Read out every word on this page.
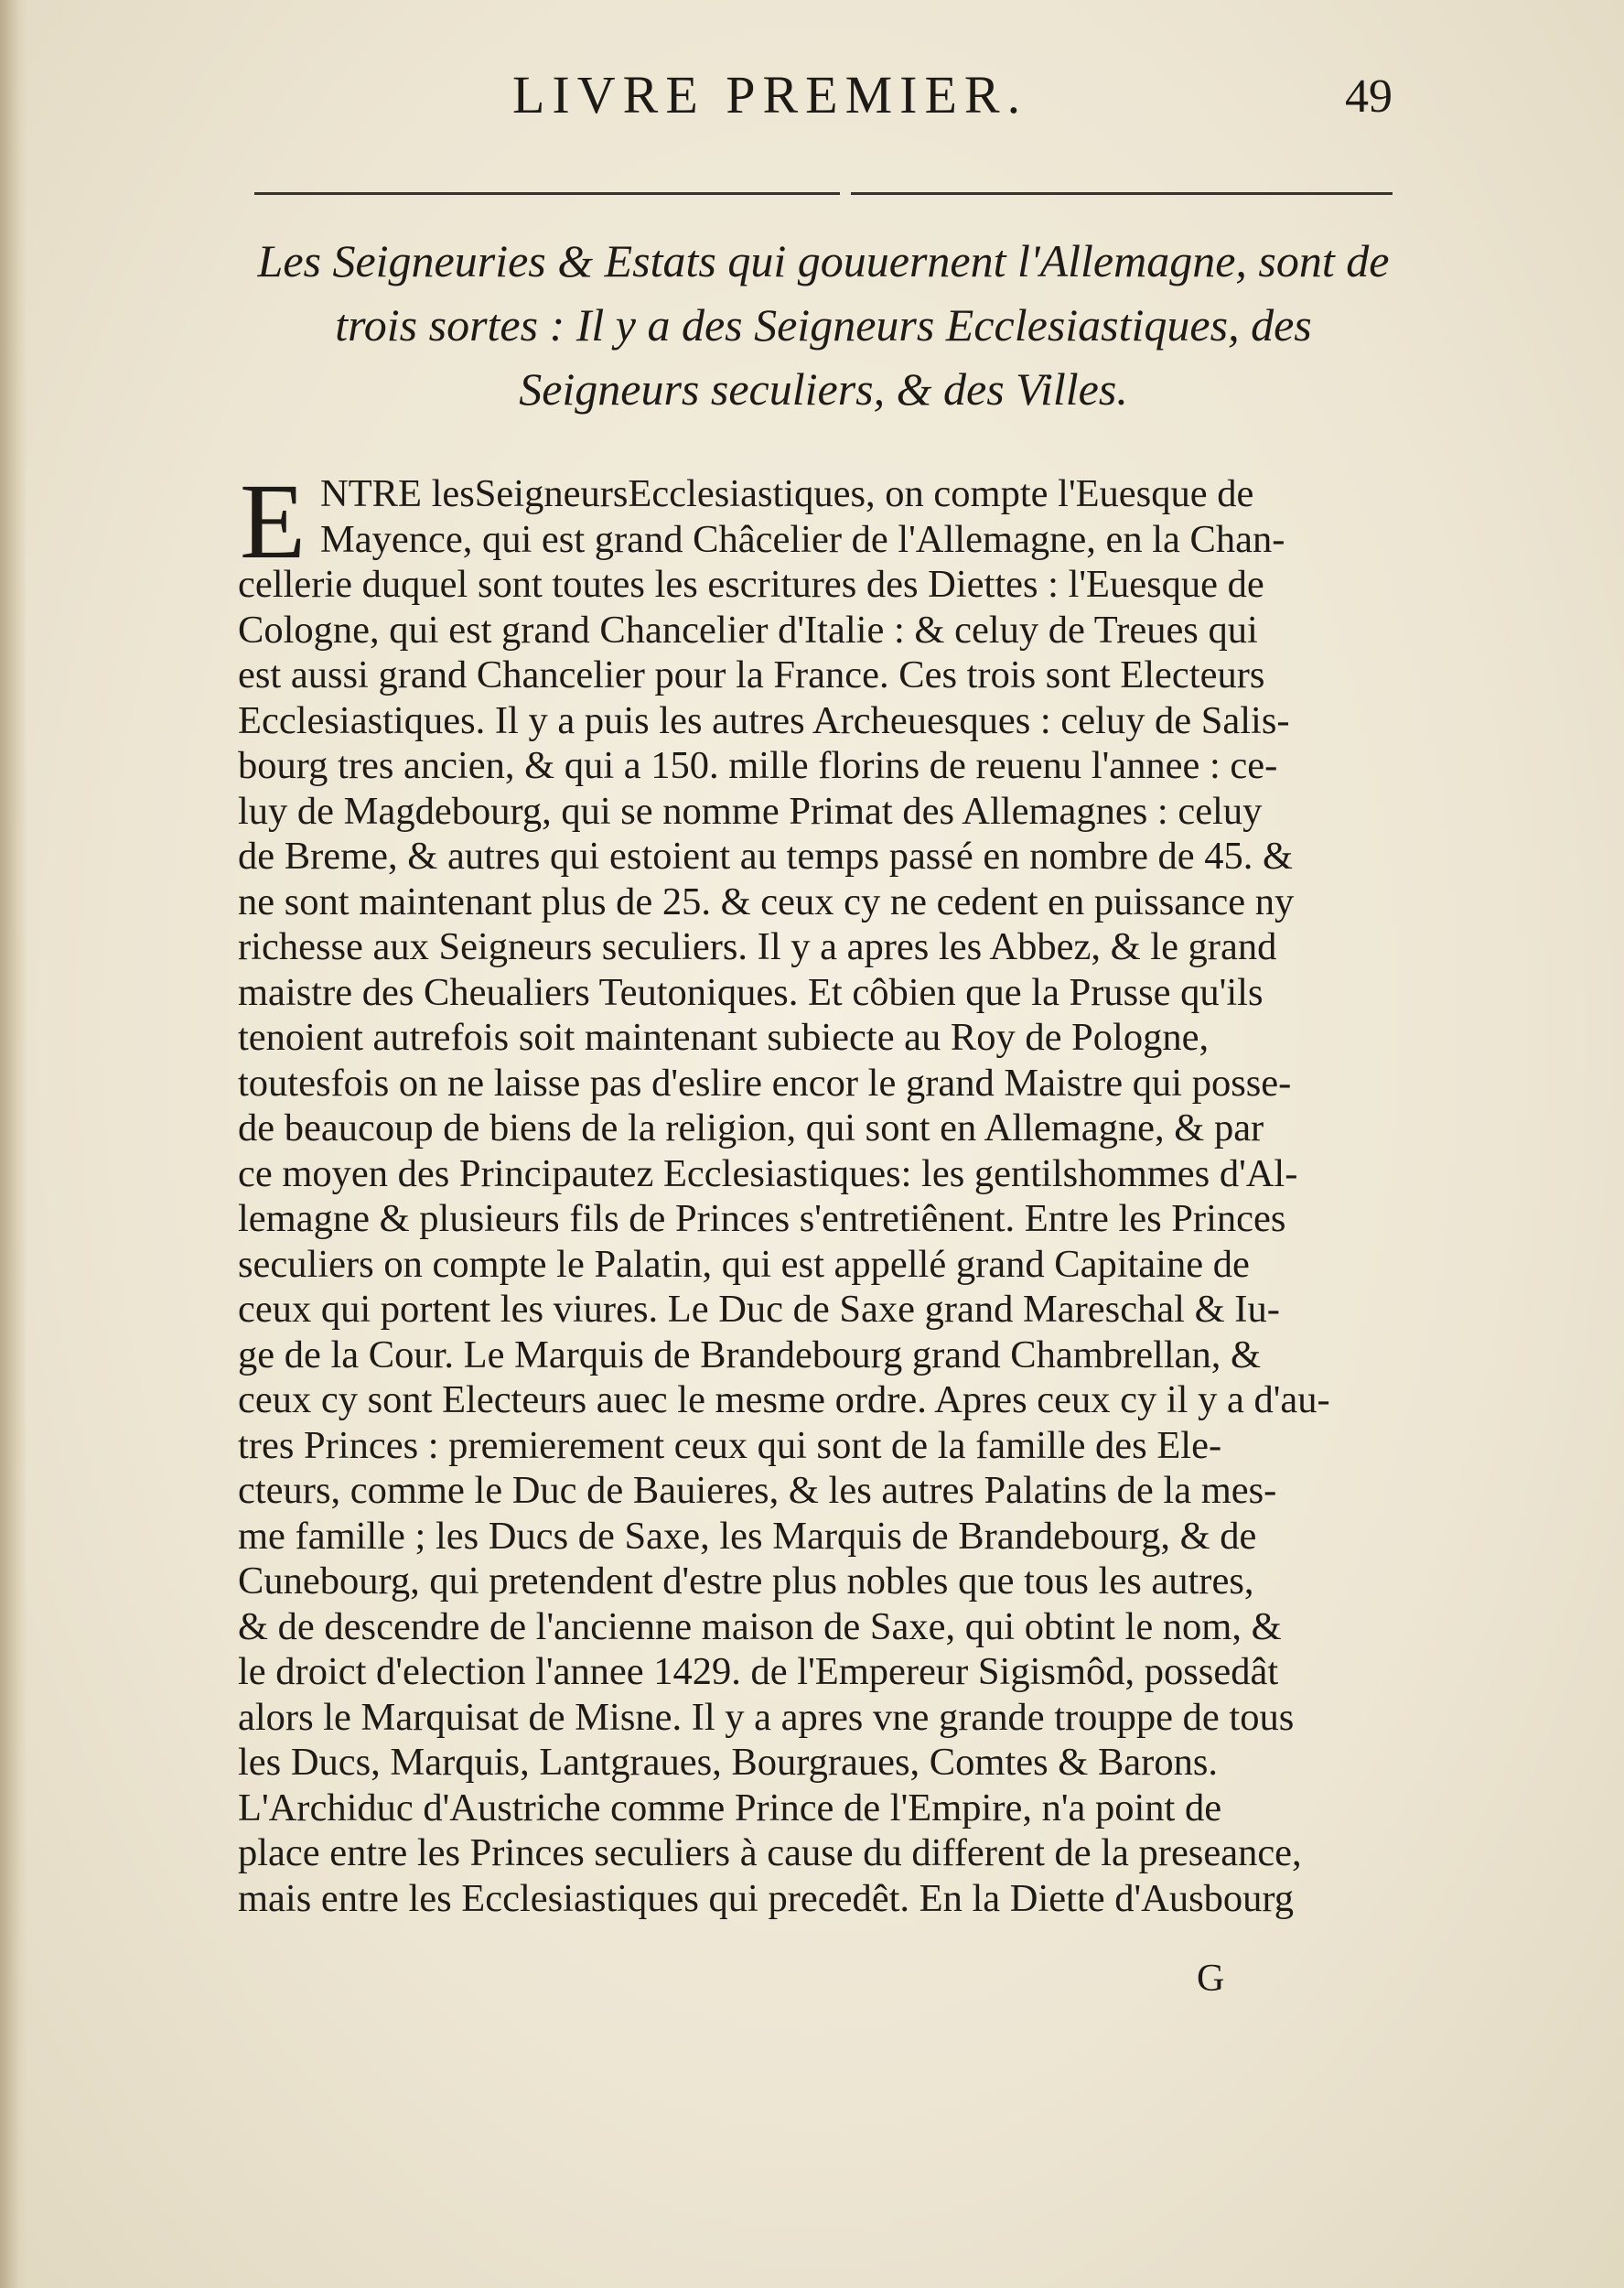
LIVRE PREMIER.	49
Les Seigneuries & Estats qui gouuernent l'Allemagne, sont de
trois sortes : Il y a des Seigneurs Ecclesiastiques, des
Seigneurs seculiers, & des Villes.
E NTRE lesSeigneursEcclesiastiques, on compte l'Euesque de
Mayence, qui est grand Châcelier de l'Allemagne, en la Chan-
cellerie duquel sont toutes les escritures des Diettes : l'Euesque de
Cologne, qui est grand Chancelier d'Italie : & celuy de Treues qui
est aussi grand Chancelier pour la France. Ces trois sont Electeurs
Ecclesiastiques. Il y a puis les autres Archeuesques : celuy de Salis-
bourg tres ancien, & qui a 150. mille florins de reuenu l'annee : ce-
luy de Magdebourg, qui se nomme Primat des Allemagnes : celuy
de Breme, & autres qui estoient au temps passé en nombre de 45. &
ne sont maintenant plus de 25. & ceux cy ne cedent en puissance ny
richesse aux Seigneurs seculiers. Il y a apres les Abbez, & le grand
maistre des Cheualiers Teutoniques. Et côbien que la Prusse qu'ils
tenoient autrefois soit maintenant subiecte au Roy de Pologne,
toutesfois on ne laisse pas d'eslire encor le grand Maistre qui posse-
de beaucoup de biens de la religion, qui sont en Allemagne, & par
ce moyen des Principautez Ecclesiastiques: les gentilshommes d'Al-
lemagne & plusieurs fils de Princes s'entretiênent. Entre les Princes
seculiers on compte le Palatin, qui est appellé grand Capitaine de
ceux qui portent les viures. Le Duc de Saxe grand Mareschal & Iu-
ge de la Cour. Le Marquis de Brandebourg grand Chambrellan, &
ceux cy sont Electeurs auec le mesme ordre. Apres ceux cy il y a d'au-
tres Princes : premierement ceux qui sont de la famille des Ele-
cteurs, comme le Duc de Bauieres, & les autres Palatins de la mes-
me famille ; les Ducs de Saxe, les Marquis de Brandebourg, & de
Cunebourg, qui pretendent d'estre plus nobles que tous les autres,
& de descendre de l'ancienne maison de Saxe, qui obtint le nom, &
le droict d'election l'annee 1429. de l'Empereur Sigismôd, possedât
alors le Marquisat de Misne. Il y a apres vne grande trouppe de tous
les Ducs, Marquis, Lantgraues, Bourgraues, Comtes & Barons.
L'Archiduc d'Austriche comme Prince de l'Empire, n'a point de
place entre les Princes seculiers à cause du different de la preseance,
mais entre les Ecclesiastiques qui precedêt. En la Diette d'Ausbourg
G
